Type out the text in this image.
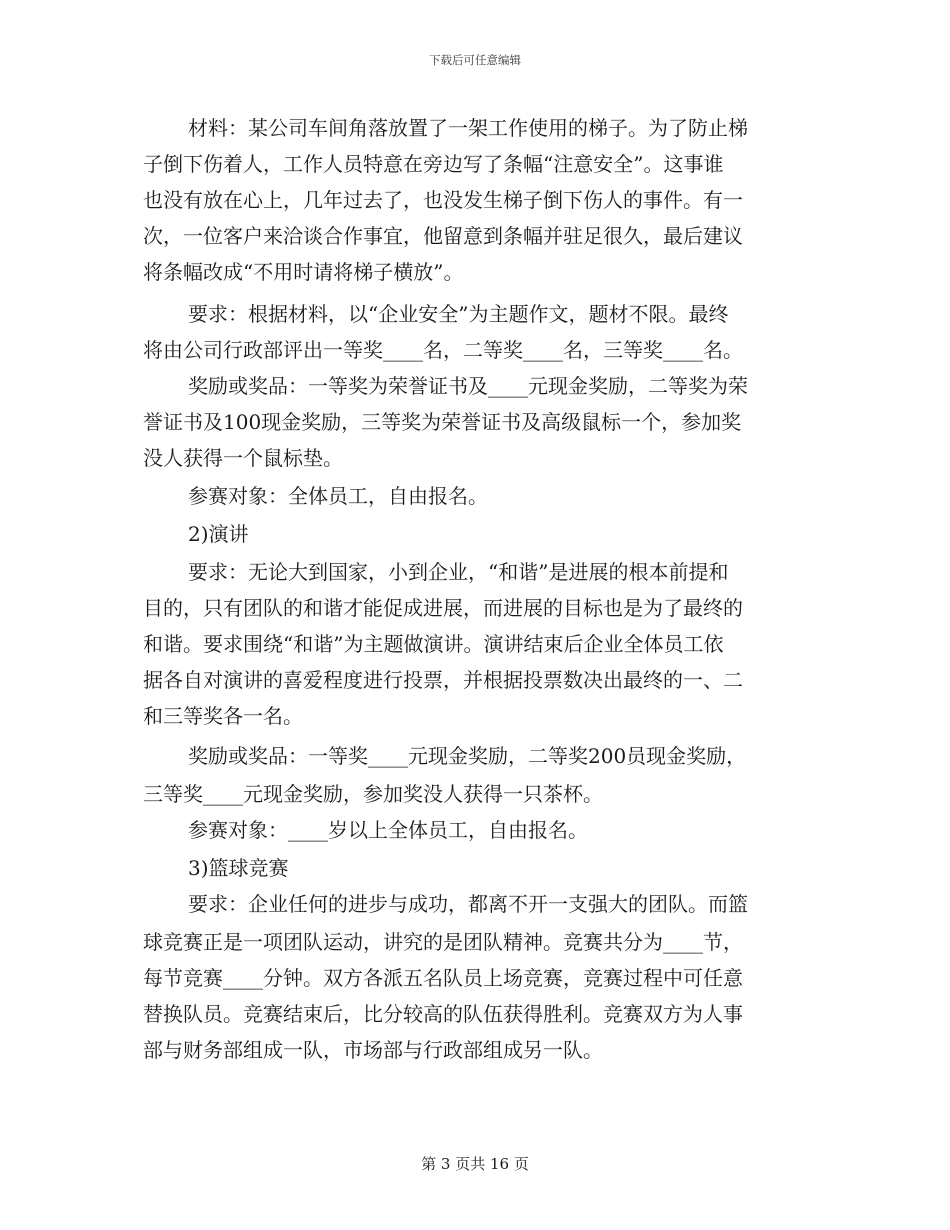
下载后可任意编辑
材料：某公司车间角落放置了一架工作使用的梯子。为了防止梯
子倒下伤着人，工作人员特意在旁边写了条幅“注意安全”。这事谁
也没有放在心上，几年过去了，也没发生梯子倒下伤人的事件。有一
次，一位客户来洽谈合作事宜，他留意到条幅并驻足很久，最后建议
将条幅改成“不用时请将梯子横放”。
要求：根据材料，以“企业安全”为主题作文，题材不限。最终
将由公司行政部评出一等奖____名，二等奖____名，三等奖____名。
奖励或奖品：一等奖为荣誉证书及____元现金奖励，二等奖为荣
誉证书及100现金奖励，三等奖为荣誉证书及高级鼠标一个，参加奖
没人获得一个鼠标垫。
参赛对象：全体员工，自由报名。
2)演讲
要求：无论大到国家，小到企业，“和谐”是进展的根本前提和
目的，只有团队的和谐才能促成进展，而进展的目标也是为了最终的
和谐。要求围绕“和谐”为主题做演讲。演讲结束后企业全体员工依
据各自对演讲的喜爱程度进行投票，并根据投票数决出最终的一、二
和三等奖各一名。
奖励或奖品：一等奖____元现金奖励，二等奖200员现金奖励，
三等奖____元现金奖励，参加奖没人获得一只茶杯。
参赛对象：____岁以上全体员工，自由报名。
3)篮球竞赛
要求：企业任何的进步与成功，都离不开一支强大的团队。而篮
球竞赛正是一项团队运动，讲究的是团队精神。竞赛共分为____节，
每节竞赛____分钟。双方各派五名队员上场竞赛，竞赛过程中可任意
替换队员。竞赛结束后，比分较高的队伍获得胜利。竞赛双方为人事
部与财务部组成一队，市场部与行政部组成另一队。
第 3 页共 16 页
